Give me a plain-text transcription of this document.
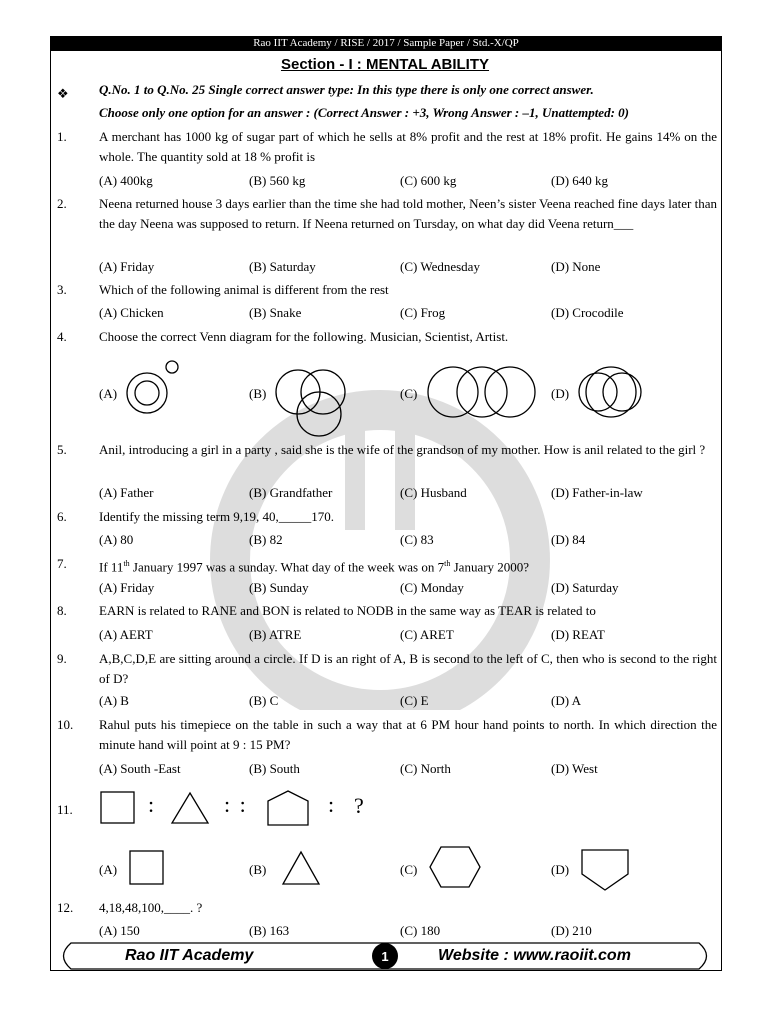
Rao IIT Academy / RISE / 2017 / Sample Paper / Std.-X/QP
Section - I : MENTAL ABILITY
❖ Q.No. 1 to Q.No. 25 Single correct answer type: In this type there is only one correct answer.
Choose only one option for an answer : (Correct Answer : +3, Wrong Answer : –1, Unattempted: 0)
1. A merchant has 1000 kg of sugar part of which he sells at 8% profit and the rest at 18% profit. He gains 14% on the whole. The quantity sold at 18 % profit is
(A) 400kg	(B) 560 kg	(C) 600 kg	(D) 640 kg
2. Neena returned house 3 days earlier than the time she had told mother, Neen’s sister Veena reached fine days later than the day Neena was supposed to return. If Neena returned on Tursday, on what day did Veena return___
(A) Friday	(B) Saturday	(C) Wednesday	(D) None
3. Which of the following animal is different from the rest
(A) Chicken	(B) Snake	(C) Frog	(D) Crocodile
4. Choose the correct Venn diagram for the following. Musician, Scientist, Artist.
(A)	(B)	(C)	(D)
5. Anil, introducing a girl in a party , said she is the wife of the grandson of my mother. How is anil related to the girl ?
(A) Father	(B) Grandfather	(C) Husband	(D) Father-in-law
6. Identify the missing term 9,19, 40,_____170.
(A) 80	(B) 82	(C) 83	(D) 84
7. If 11th January 1997 was a sunday. What day of the week was on 7th January 2000?
(A) Friday	(B) Sunday	(C) Monday	(D) Saturday
8. EARN is related to RANE and BON is related to NODB in the same way as TEAR is related to
(A) AERT	(B) ATRE	(C) ARET	(D) REAT
9. A,B,C,D,E are sitting around a circle. If D is an right of A, B is second to the left of C, then who is second to the right of D?
(A) B	(B) C	(C) E	(D) A
10. Rahul puts his timepiece on the table in such a way that at 6 PM hour hand points to north. In which direction the minute hand will point at 9 : 15 PM?
(A) South -East	(B) South	(C) North	(D) West
11.	:	: :	: ?
(A)	(B)	(C)	(D)
12. 4,18,48,100,____. ?
(A) 150	(B) 163	(C) 180	(D) 210
Rao IIT Academy	1	Website : www.raoiit.com
